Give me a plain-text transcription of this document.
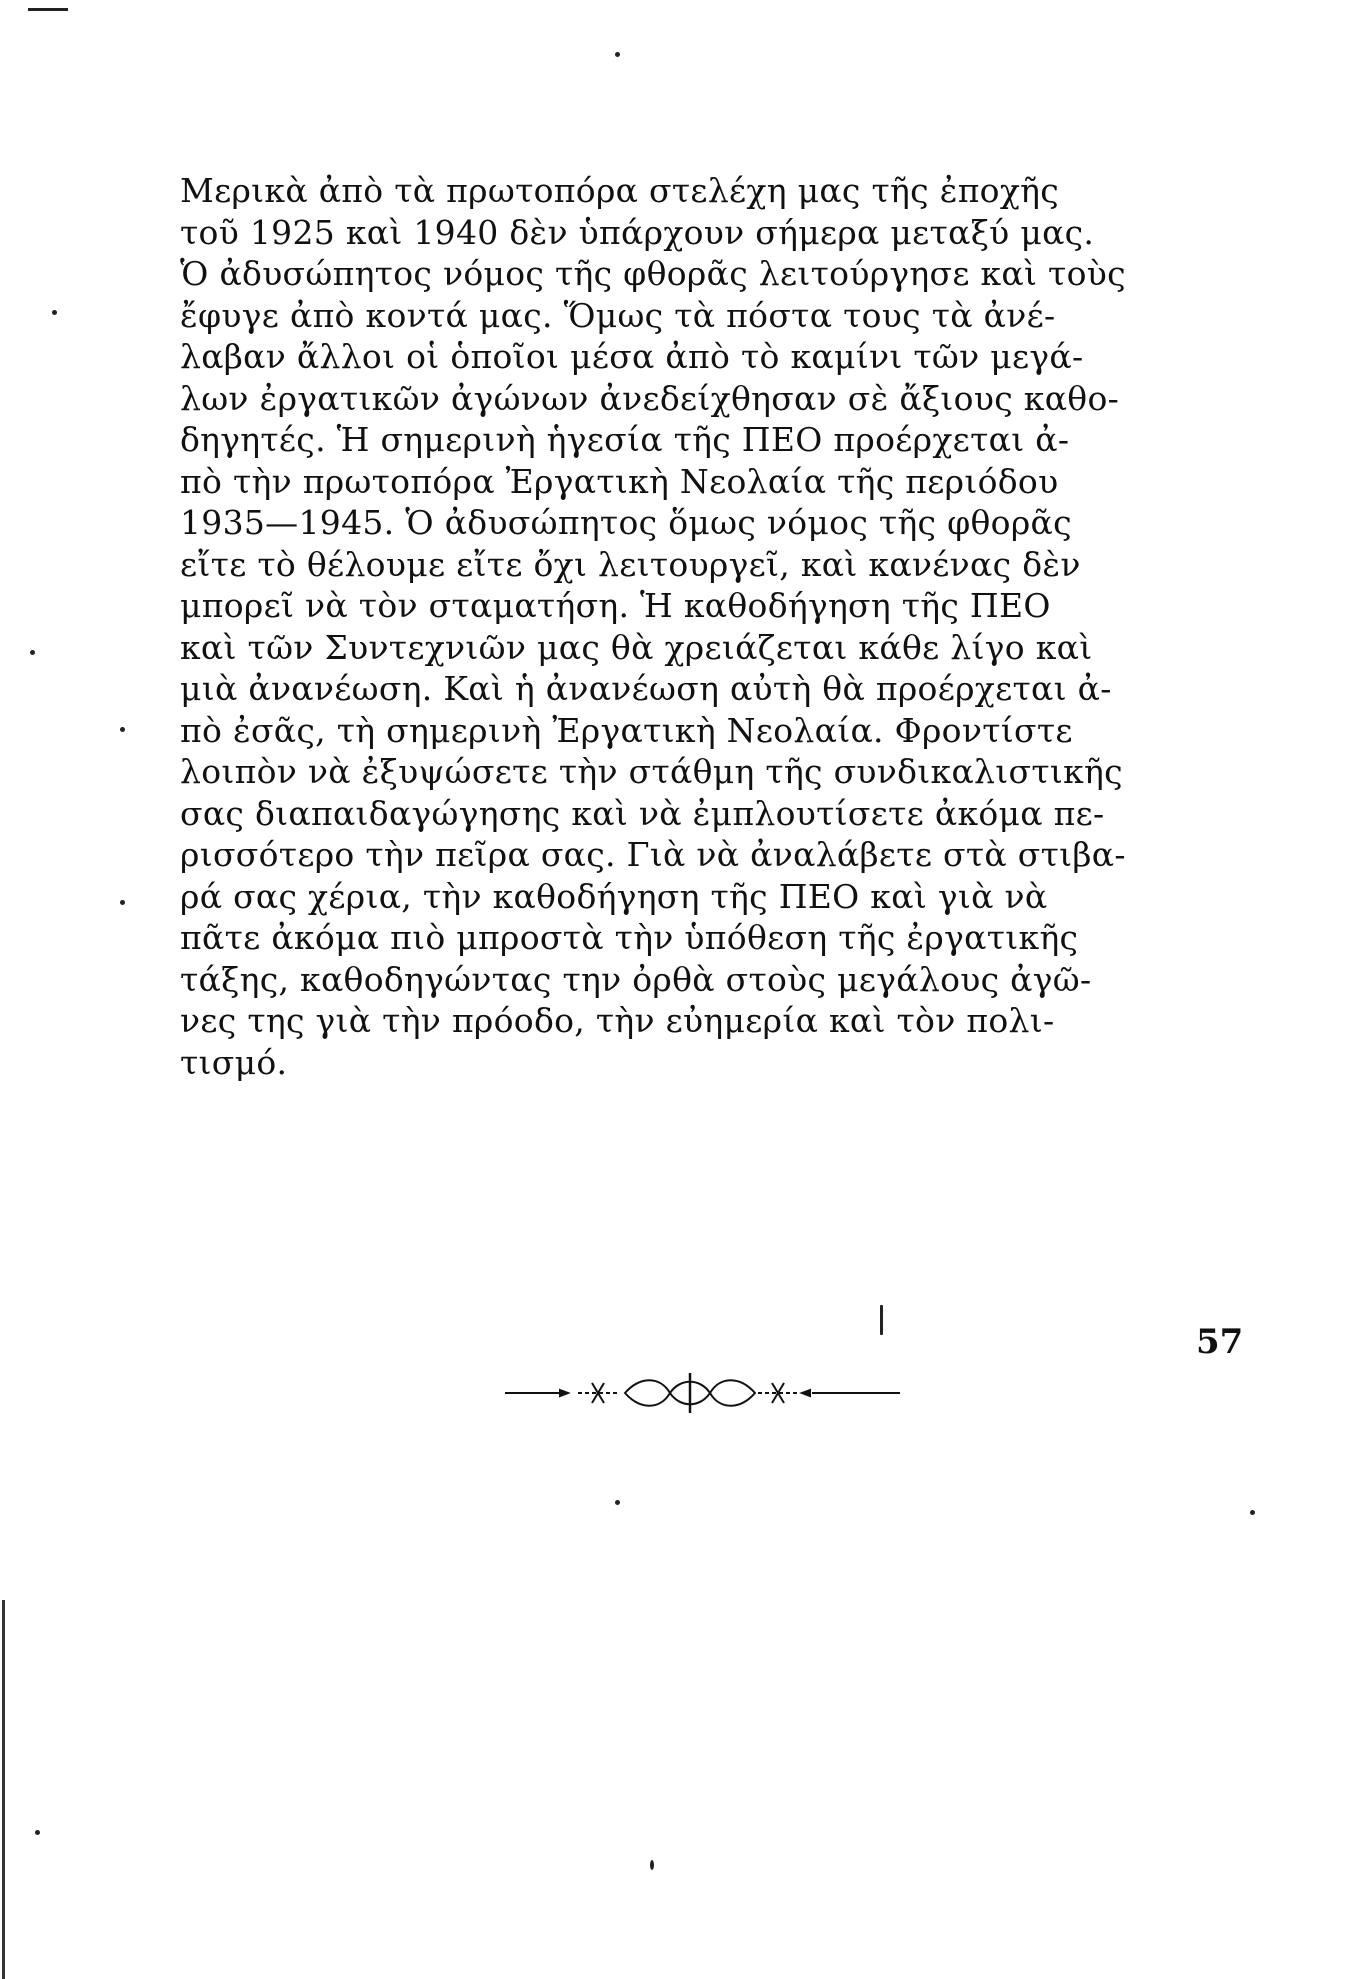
Μερικὰ ἀπὸ τὰ πρωτοπόρα στελέχη μας τῆς ἐποχῆς
τοῦ 1925 καὶ 1940 δὲν ὑπάρχουν σήμερα μεταξύ μας.
Ὁ ἀδυσώπητος νόμος τῆς φθορᾶς λειτούργησε καὶ τοὺς
ἔφυγε ἀπὸ κοντά μας. Ὅμως τὰ πόστα τους τὰ ἀνέ-
λαβαν ἄλλοι οἱ ὁποῖοι μέσα ἀπὸ τὸ καμίνι τῶν μεγά-
λων ἐργατικῶν ἀγώνων ἀνεδείχθησαν σὲ ἄξιους καθο-
δηγητές. Ἡ σημερινὴ ἡγεσία τῆς ΠΕΟ προέρχεται ἀ-
πὸ τὴν πρωτοπόρα Ἐργατικὴ Νεολαία τῆς περιόδου
1935—1945. Ὁ ἀδυσώπητος ὅμως νόμος τῆς φθορᾶς
εἴτε τὸ θέλουμε εἴτε ὄχι λειτουργεῖ, καὶ κανένας δὲν
μπορεῖ νὰ τὸν σταματήση. Ἡ καθοδήγηση τῆς ΠΕΟ
καὶ τῶν Συντεχνιῶν μας θὰ χρειάζεται κάθε λίγο καὶ
μιὰ ἀνανέωση. Καὶ ἡ ἀνανέωση αὐτὴ θὰ προέρχεται ἀ-
πὸ ἐσᾶς, τὴ σημερινὴ Ἐργατικὴ Νεολαία. Φροντίστε
λοιπὸν νὰ ἐξυψώσετε τὴν στάθμη τῆς συνδικαλιστικῆς
σας διαπαιδαγώγησης καὶ νὰ ἐμπλουτίσετε ἀκόμα πε-
ρισσότερο τὴν πεῖρα σας. Γιὰ νὰ ἀναλάβετε στὰ στιβα-
ρά σας χέρια, τὴν καθοδήγηση τῆς ΠΕΟ καὶ γιὰ νὰ
πᾶτε ἀκόμα πιὸ μπροστὰ τὴν ὑπόθεση τῆς ἐργατικῆς
τάξης, καθοδηγώντας την ὀρθὰ στοὺς μεγάλους ἀγῶ-
νες της γιὰ τὴν πρόοδο, τὴν εὐημερία καὶ τὸν πολι-
τισμό.
57
